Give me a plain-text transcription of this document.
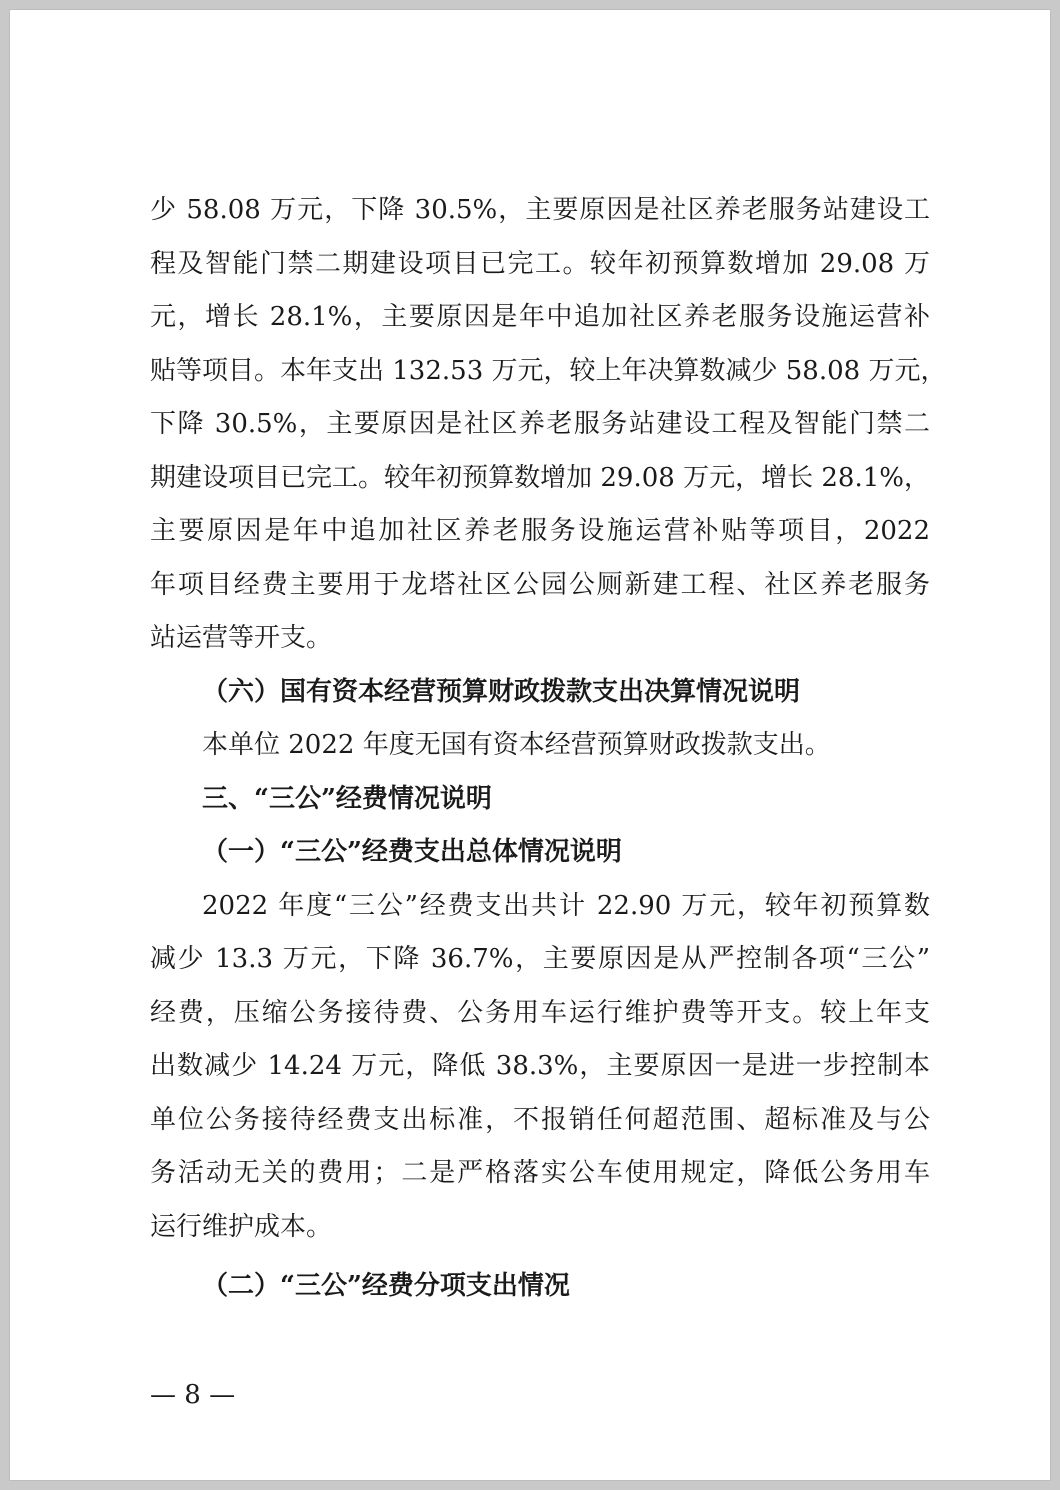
少 58.08 万元，下降 30.5%，主要原因是社区养老服务站建设工
程及智能门禁二期建设项目已完工。较年初预算数增加 29.08 万
元，增长 28.1%，主要原因是年中追加社区养老服务设施运营补
贴等项目。本年支出 132.53 万元，较上年决算数减少 58.08 万元，
下降 30.5%，主要原因是社区养老服务站建设工程及智能门禁二
期建设项目已完工。较年初预算数增加 29.08 万元，增长 28.1%，
主要原因是年中追加社区养老服务设施运营补贴等项目，2022
年项目经费主要用于龙塔社区公园公厕新建工程、社区养老服务
站运营等开支。
（六）国有资本经营预算财政拨款支出决算情况说明
本单位 2022 年度无国有资本经营预算财政拨款支出。
三、“三公”经费情况说明
（一）“三公”经费支出总体情况说明
2022 年度“三公”经费支出共计 22.90 万元，较年初预算数
减少 13.3 万元，下降 36.7%，主要原因是从严控制各项“三公”
经费，压缩公务接待费、公务用车运行维护费等开支。较上年支
出数减少 14.24 万元，降低 38.3%，主要原因一是进一步控制本
单位公务接待经费支出标准，不报销任何超范围、超标准及与公
务活动无关的费用；二是严格落实公车使用规定，降低公务用车
运行维护成本。
（二）“三公”经费分项支出情况
— 8 —
